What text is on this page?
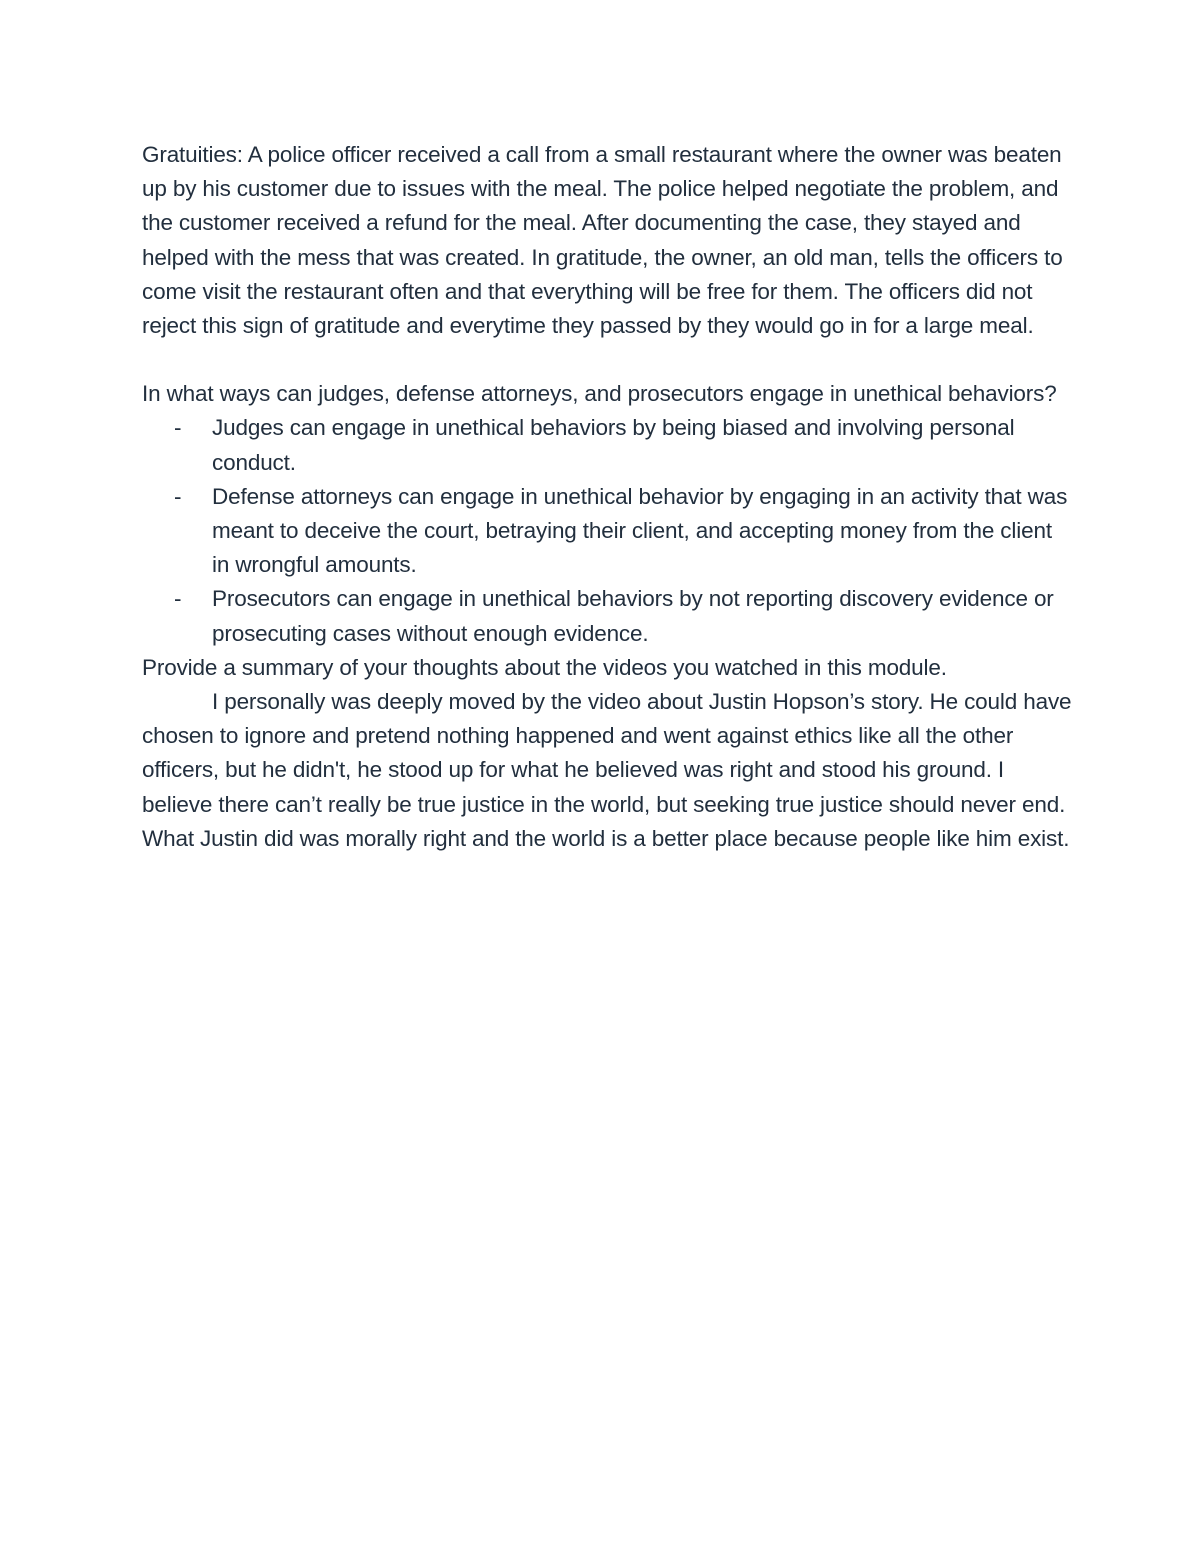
Gratuities: A police officer received a call from a small restaurant where the owner was beaten up by his customer due to issues with the meal. The police helped negotiate the problem, and the customer received a refund for the meal. After documenting the case, they stayed and helped with the mess that was created. In gratitude, the owner, an old man, tells the officers to come visit the restaurant often and that everything will be free for them. The officers did not reject this sign of gratitude and everytime they passed by they would go in for a large meal.

In what ways can judges, defense attorneys, and prosecutors engage in unethical behaviors?

- Judges can engage in unethical behaviors by being biased and involving personal conduct.
- Defense attorneys can engage in unethical behavior by engaging in an activity that was meant to deceive the court, betraying their client, and accepting money from the client in wrongful amounts.
- Prosecutors can engage in unethical behaviors by not reporting discovery evidence or prosecuting cases without enough evidence.

Provide a summary of your thoughts about the videos you watched in this module.

I personally was deeply moved by the video about Justin Hopson’s story. He could have chosen to ignore and pretend nothing happened and went against ethics like all the other officers, but he didn't, he stood up for what he believed was right and stood his ground. I believe there can’t really be true justice in the world, but seeking true justice should never end. What Justin did was morally right and the world is a better place because people like him exist.
